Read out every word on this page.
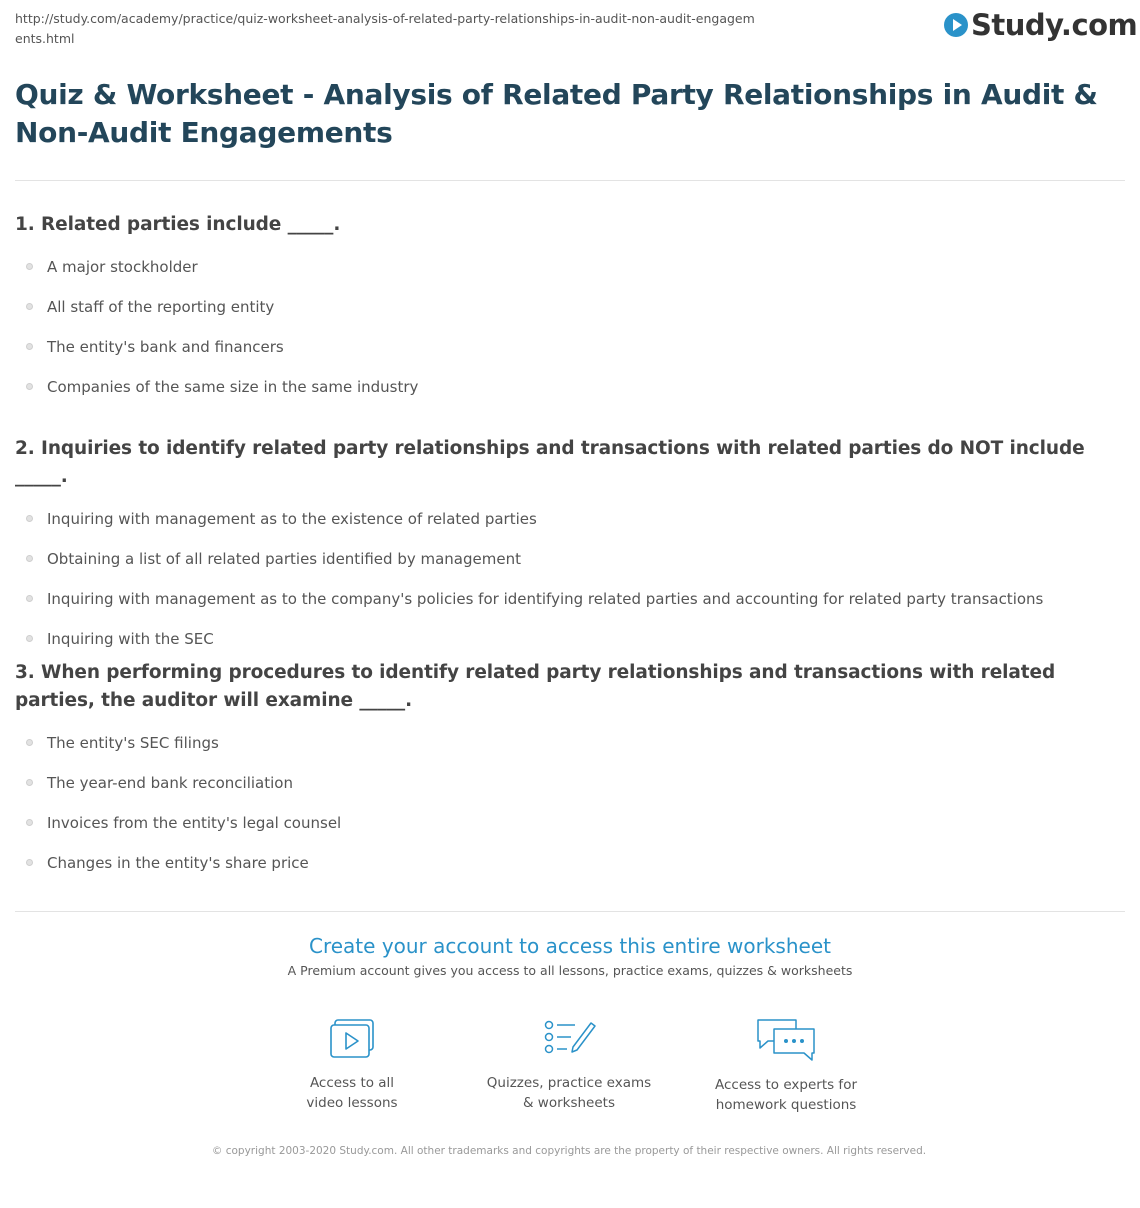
http://study.com/academy/practice/quiz-worksheet-analysis-of-related-party-relationships-in-audit-non-audit-engagements.html	Study.com
Quiz & Worksheet - Analysis of Related Party Relationships in Audit & Non-Audit Engagements

1. Related parties include _____.

A major stockholder
All staff of the reporting entity
The entity's bank and financers
Companies of the same size in the same industry

2. Inquiries to identify related party relationships and transactions with related parties do NOT include _____.

Inquiring with management as to the existence of related parties
Obtaining a list of all related parties identified by management
Inquiring with management as to the company's policies for identifying related parties and accounting for related party transactions
Inquiring with the SEC

3. When performing procedures to identify related party relationships and transactions with related parties, the auditor will examine _____.

The entity's SEC filings
The year-end bank reconciliation
Invoices from the entity's legal counsel
Changes in the entity's share price
Create your account to access this entire worksheet

A Premium account gives you access to all lessons, practice exams, quizzes & worksheets

Access to all
video lessons
Quizzes, practice exams
& worksheets
Access to experts for
homework questions
© copyright 2003-2020 Study.com. All other trademarks and copyrights are the property of their respective owners. All rights reserved.
